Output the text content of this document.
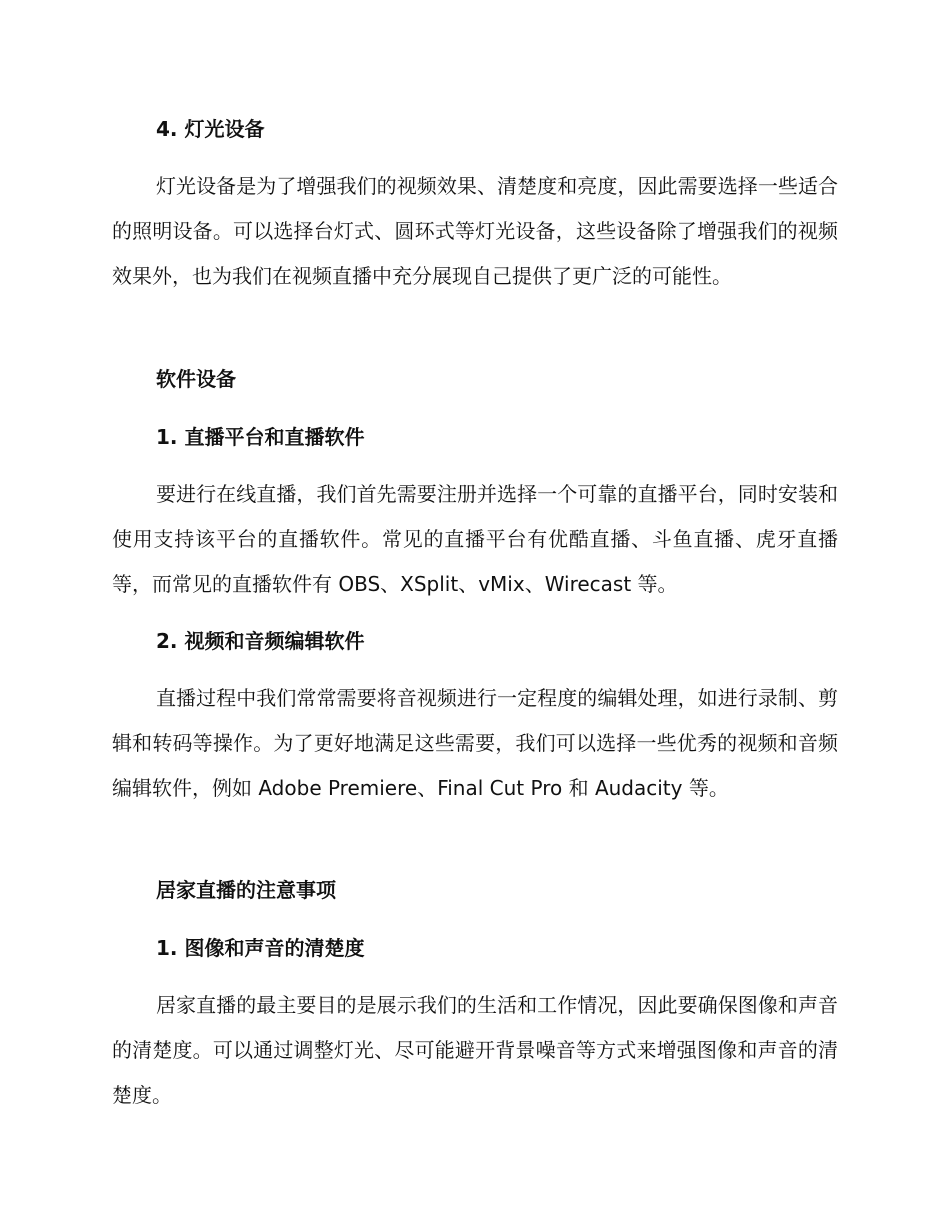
4. 灯光设备

灯光设备是为了增强我们的视频效果、清楚度和亮度，因此需要选择一些适合的照明设备。可以选择台灯式、圆环式等灯光设备，这些设备除了增强我们的视频效果外，也为我们在视频直播中充分展现自己提供了更广泛的可能性。

软件设备

1. 直播平台和直播软件

要进行在线直播，我们首先需要注册并选择一个可靠的直播平台，同时安装和使用支持该平台的直播软件。常见的直播平台有优酷直播、斗鱼直播、虎牙直播等，而常见的直播软件有 OBS、XSplit、vMix、Wirecast 等。

2. 视频和音频编辑软件

直播过程中我们常常需要将音视频进行一定程度的编辑处理，如进行录制、剪辑和转码等操作。为了更好地满足这些需要，我们可以选择一些优秀的视频和音频编辑软件，例如 Adobe Premiere、Final Cut Pro 和 Audacity 等。

居家直播的注意事项

1. 图像和声音的清楚度

居家直播的最主要目的是展示我们的生活和工作情况，因此要确保图像和声音的清楚度。可以通过调整灯光、尽可能避开背景噪音等方式来增强图像和声音的清楚度。
